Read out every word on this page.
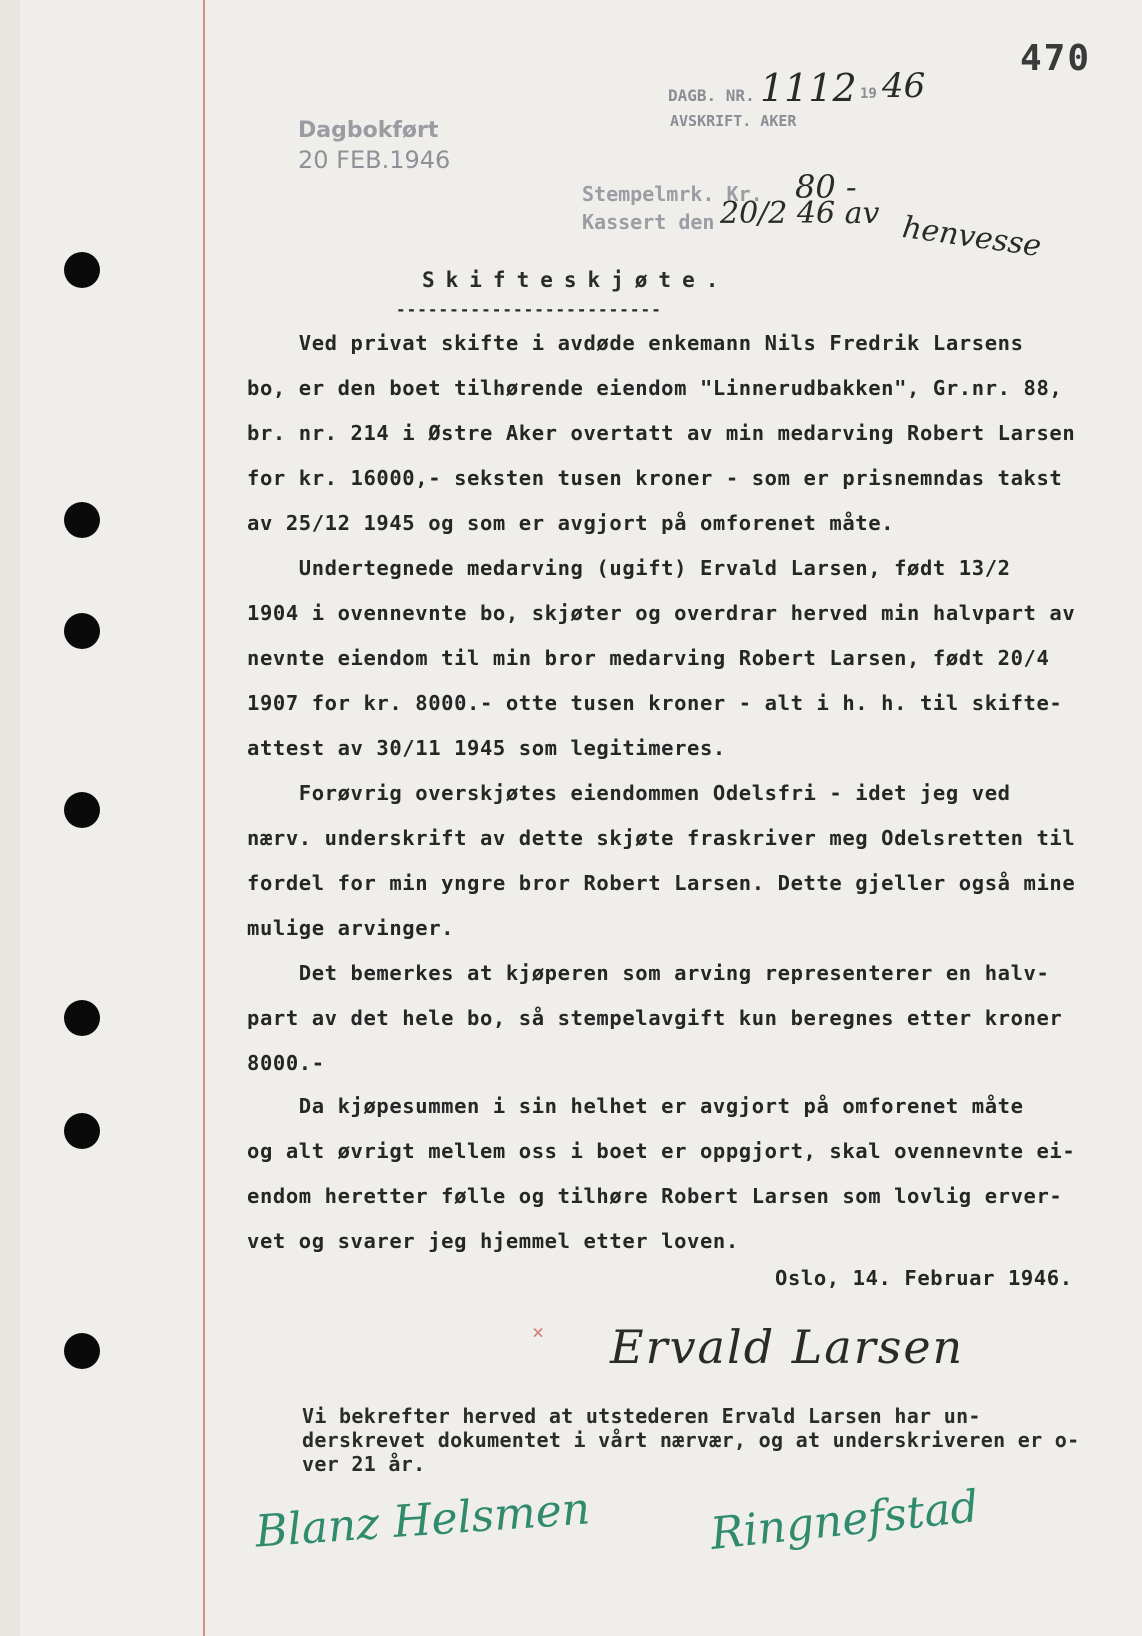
470
DAGB. NR. 1112 19 46
AVSKRIFT. AKER
Dagbokført
20 FEB.1946
Stempelmrk. Kr. 80 -
Kassert den 20/2 46 av henvesse
Skifteskjøte.
-------------------------
Ved privat skifte i avdøde enkemann Nils Fredrik Larsens
bo, er den boet tilhørende eiendom "Linnerudbakken", Gr.nr. 88,
br. nr. 214 i Østre Aker overtatt av min medarving Robert Larsen
for kr. 16000,- seksten tusen kroner - som er prisnemndas takst
av 25/12 1945 og som er avgjort på omforenet måte.
Undertegnede medarving (ugift) Ervald Larsen, født 13/2
1904 i ovennevnte bo, skjøter og overdrar herved min halvpart av
nevnte eiendom til min bror medarving Robert Larsen, født 20/4
1907 for kr. 8000.- otte tusen kroner - alt i h. h. til skifte-
attest av 30/11 1945 som legitimeres.
Forøvrig overskjøtes eiendommen Odelsfri - idet jeg ved
nærv. underskrift av dette skjøte fraskriver meg Odelsretten til
fordel for min yngre bror Robert Larsen. Dette gjeller også mine
mulige arvinger.
Det bemerkes at kjøperen som arving representerer en halv-
part av det hele bo, så stempelavgift kun beregnes etter kroner
8000.-
Da kjøpesummen i sin helhet er avgjort på omforenet måte
og alt øvrigt mellem oss i boet er oppgjort, skal ovennevnte ei-
endom heretter følle og tilhøre Robert Larsen som lovlig erver-
vet og svarer jeg hjemmel etter loven.
Oslo, 14. Februar 1946.
× Ervald Larsen
Vi bekrefter herved at utstederen Ervald Larsen har un-
derskrevet dokumentet i vårt nærvær, og at underskriveren er o-
ver 21 år.
Blanz Helsmen	Ringnefstad
